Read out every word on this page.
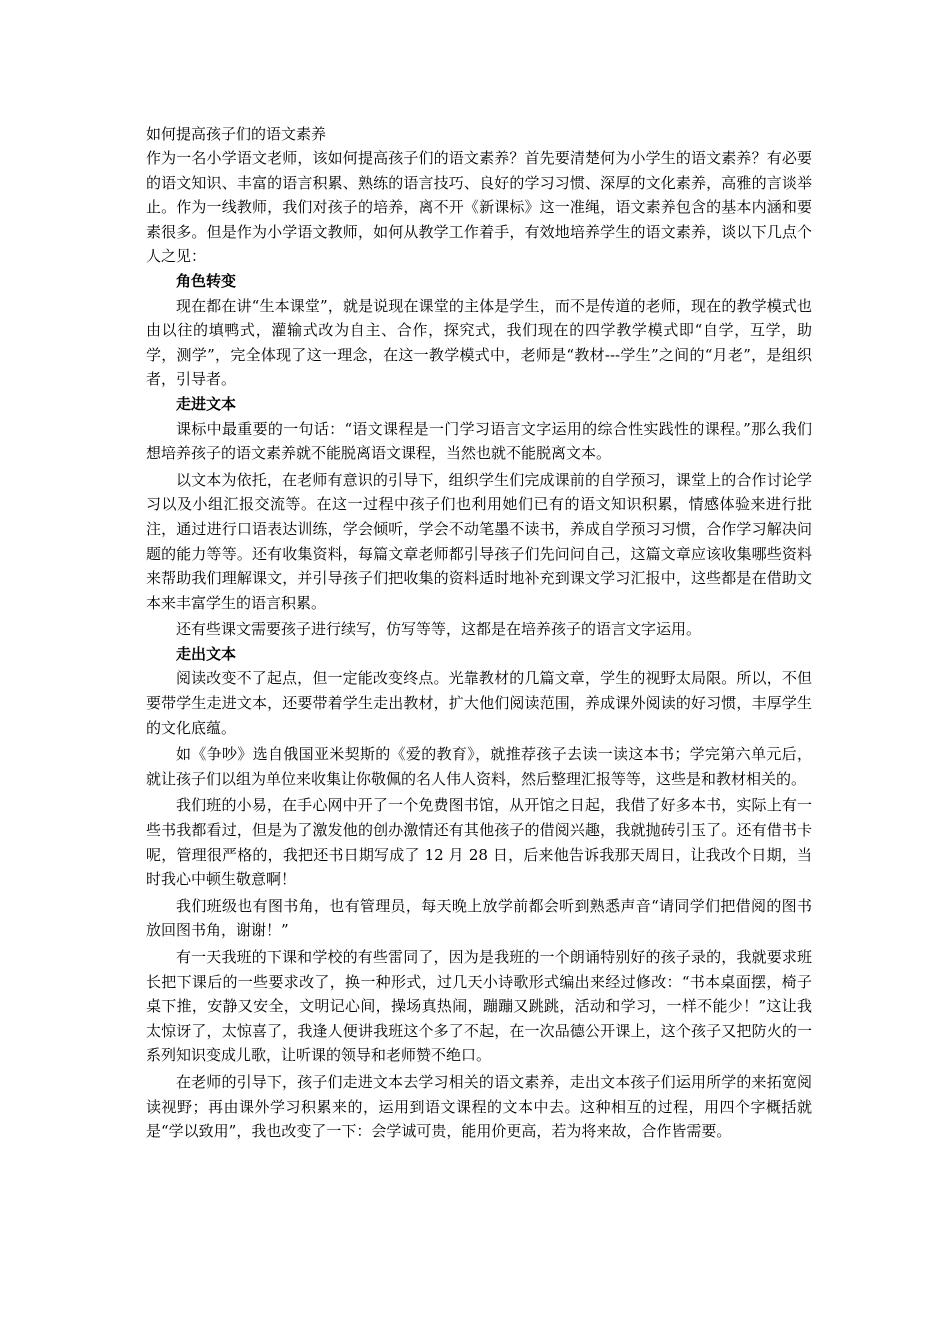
如何提高孩子们的语文素养

作为一名小学语文老师，该如何提高孩子们的语文素养？首先要清楚何为小学生的语文素养？有必要的语文知识、丰富的语言积累、熟练的语言技巧、良好的学习习惯、深厚的文化素养，高雅的言谈举止。作为一线教师，我们对孩子的培养，离不开《新课标》这一准绳，语文素养包含的基本内涵和要素很多。但是作为小学语文教师，如何从教学工作着手，有效地培养学生的语文素养，谈以下几点个人之见：

角色转变

现在都在讲“生本课堂”，就是说现在课堂的主体是学生，而不是传道的老师，现在的教学模式也由以往的填鸭式，灌输式改为自主、合作，探究式，我们现在的四学教学模式即“自学，互学，助学，测学”，完全体现了这一理念，在这一教学模式中，老师是“教材---学生”之间的“月老”，是组织者，引导者。

走进文本

课标中最重要的一句话：“语文课程是一门学习语言文字运用的综合性实践性的课程。”那么我们想培养孩子的语文素养就不能脱离语文课程，当然也就不能脱离文本。

以文本为依托，在老师有意识的引导下，组织学生们完成课前的自学预习，课堂上的合作讨论学习以及小组汇报交流等。在这一过程中孩子们也利用她们已有的语文知识积累，情感体验来进行批注，通过进行口语表达训练，学会倾听，学会不动笔墨不读书，养成自学预习习惯，合作学习解决问题的能力等等。还有收集资料，每篇文章老师都引导孩子们先问问自己，这篇文章应该收集哪些资料来帮助我们理解课文，并引导孩子们把收集的资料适时地补充到课文学习汇报中，这些都是在借助文本来丰富学生的语言积累。

还有些课文需要孩子进行续写，仿写等等，这都是在培养孩子的语言文字运用。

走出文本

阅读改变不了起点，但一定能改变终点。光靠教材的几篇文章，学生的视野太局限。所以，不但要带学生走进文本，还要带着学生走出教材，扩大他们阅读范围，养成课外阅读的好习惯，丰厚学生的文化底蕴。

如《争吵》选自俄国亚米契斯的《爱的教育》，就推荐孩子去读一读这本书；学完第六单元后，就让孩子们以组为单位来收集让你敬佩的名人伟人资料，然后整理汇报等等，这些是和教材相关的。

我们班的小易，在手心网中开了一个免费图书馆，从开馆之日起，我借了好多本书，实际上有一些书我都看过，但是为了激发他的创办激情还有其他孩子的借阅兴趣，我就抛砖引玉了。还有借书卡呢，管理很严格的，我把还书日期写成了 12 月 28 日，后来他告诉我那天周日，让我改个日期，当时我心中顿生敬意啊！

我们班级也有图书角，也有管理员，每天晚上放学前都会听到熟悉声音“请同学们把借阅的图书放回图书角，谢谢！”

有一天我班的下课和学校的有些雷同了，因为是我班的一个朗诵特别好的孩子录的，我就要求班长把下课后的一些要求改了，换一种形式，过几天小诗歌形式编出来经过修改：“书本桌面摆，椅子桌下推，安静又安全，文明记心间，操场真热闹，蹦蹦又跳跳，活动和学习，一样不能少！”这让我太惊讶了，太惊喜了，我逢人便讲我班这个多了不起，在一次品德公开课上，这个孩子又把防火的一系列知识变成儿歌，让听课的领导和老师赞不绝口。

在老师的引导下，孩子们走进文本去学习相关的语文素养，走出文本孩子们运用所学的来拓宽阅读视野；再由课外学习积累来的，运用到语文课程的文本中去。这种相互的过程，用四个字概括就是“学以致用”，我也改变了一下：会学诚可贵，能用价更高，若为将来故，合作皆需要。
